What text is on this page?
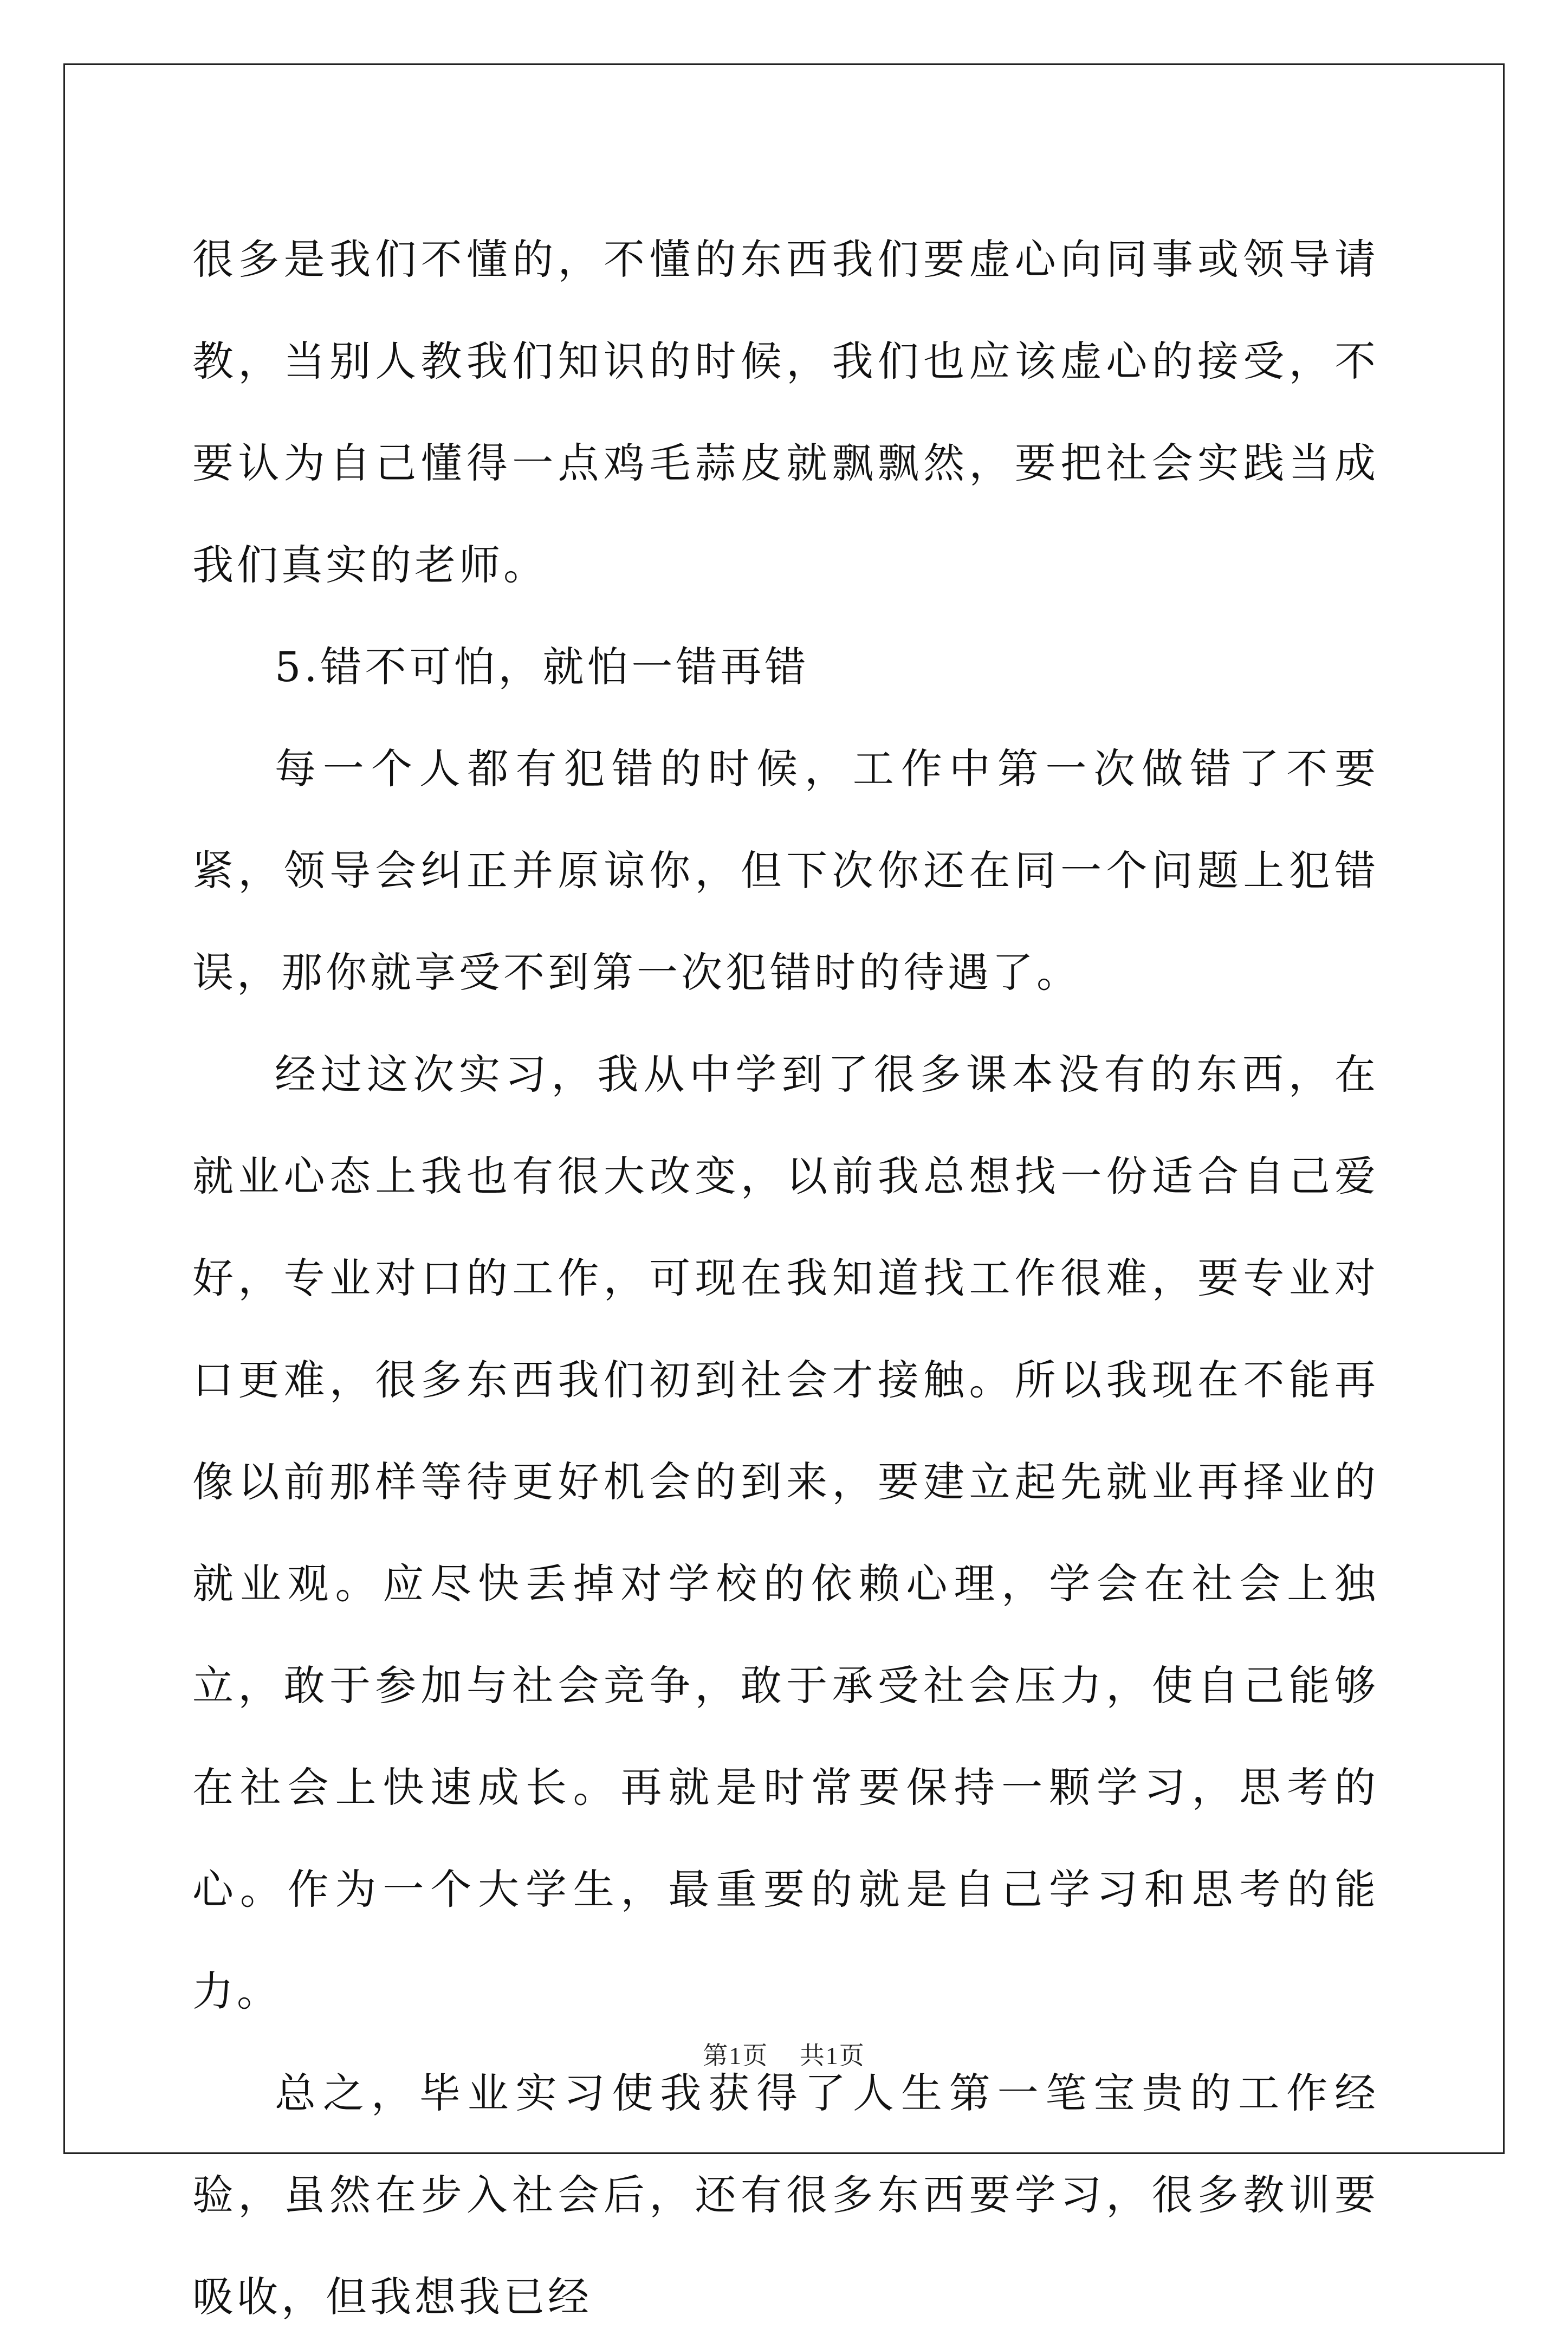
很多是我们不懂的，不懂的东西我们要虚心向同事或领导请教，当别人教我们知识的时候，我们也应该虚心的接受，不要认为自己懂得一点鸡毛蒜皮就飘飘然，要把社会实践当成我们真实的老师。

5.错不可怕，就怕一错再错

每一个人都有犯错的时候，工作中第一次做错了不要紧，领导会纠正并原谅你，但下次你还在同一个问题上犯错误，那你就享受不到第一次犯错时的待遇了。

经过这次实习，我从中学到了很多课本没有的东西，在就业心态上我也有很大改变，以前我总想找一份适合自己爱好，专业对口的工作，可现在我知道找工作很难，要专业对口更难，很多东西我们初到社会才接触。所以我现在不能再像以前那样等待更好机会的到来，要建立起先就业再择业的就业观。应尽快丢掉对学校的依赖心理，学会在社会上独立，敢于参加与社会竞争，敢于承受社会压力，使自己能够在社会上快速成长。再就是时常要保持一颗学习，思考的心。作为一个大学生，最重要的就是自己学习和思考的能力。

总之，毕业实习使我获得了人生第一笔宝贵的工作经验，虽然在步入社会后，还有很多东西要学习，很多教训要吸收，但我想我已经

第1页 共1页
